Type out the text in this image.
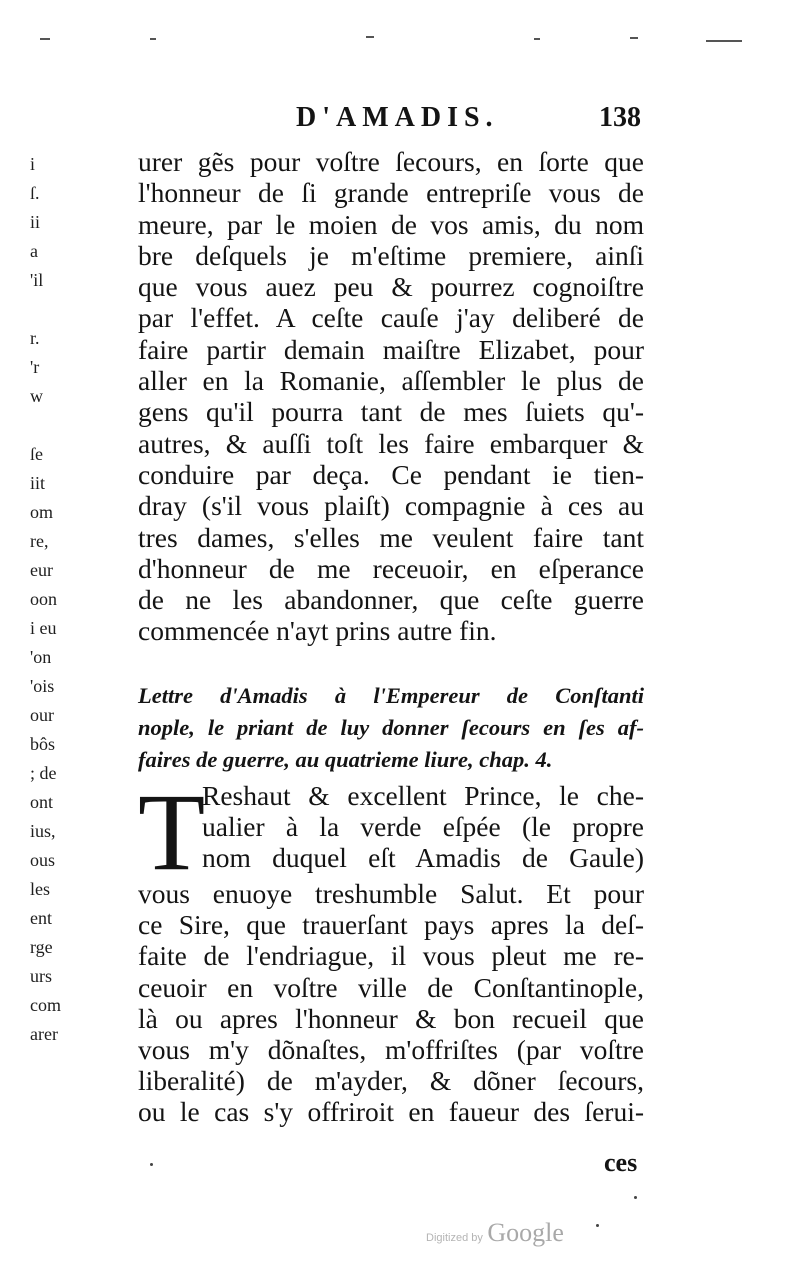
i
ſ.
ii
a
'il
r.
'r
w
ſe
iit
om
re,
eur
oon
i eu
'on
'ois
our
bôs
; de
ont
ius,
ous
les
ent
rge
urs
com
arer
D'AMADIS.	138
urer gẽs pour voſtre ſecours, en ſorte que
l'honneur de ſi grande entrepriſe vous de
meure, par le moien de vos amis, du nom
bre deſquels je m'eſtime premiere, ainſi
que vous auez peu & pourrez cognoiſtre
par l'effet. A ceſte cauſe j'ay deliberé de
faire partir demain maiſtre Elizabet, pour
aller en la Romanie, aſſembler le plus de
gens qu'il pourra tant de mes ſuiets qu'-
autres, & auſſi toſt les faire embarquer &
conduire par deça. Ce pendant ie tien-
dray (s'il vous plaiſt) compagnie à ces au
tres dames, s'elles me veulent faire tant
d'honneur de me receuoir, en eſperance
de ne les abandonner, que ceſte guerre
commencée n'ayt prins autre fin.
Lettre d'Amadis à l'Empereur de Conſtanti
nople, le priant de luy donner ſecours en ſes af-
faires de guerre, au quatrieme liure, chap. 4.
T
Reshaut & excellent Prince, le che-
ualier à la verde eſpée (le propre
nom duquel eſt Amadis de Gaule)
vous enuoye treshumble Salut. Et pour
ce Sire, que trauerſant pays apres la deſ-
faite de l'endriague, il vous pleut me re-
ceuoir en voſtre ville de Conſtantinople,
là ou apres l'honneur & bon recueil que
vous m'y dõnaſtes, m'offriſtes (par voſtre
liberalité) de m'ayder, & dõner ſecours,
ou le cas s'y offriroit en faueur des ſerui-
ces
Digitized by Google
